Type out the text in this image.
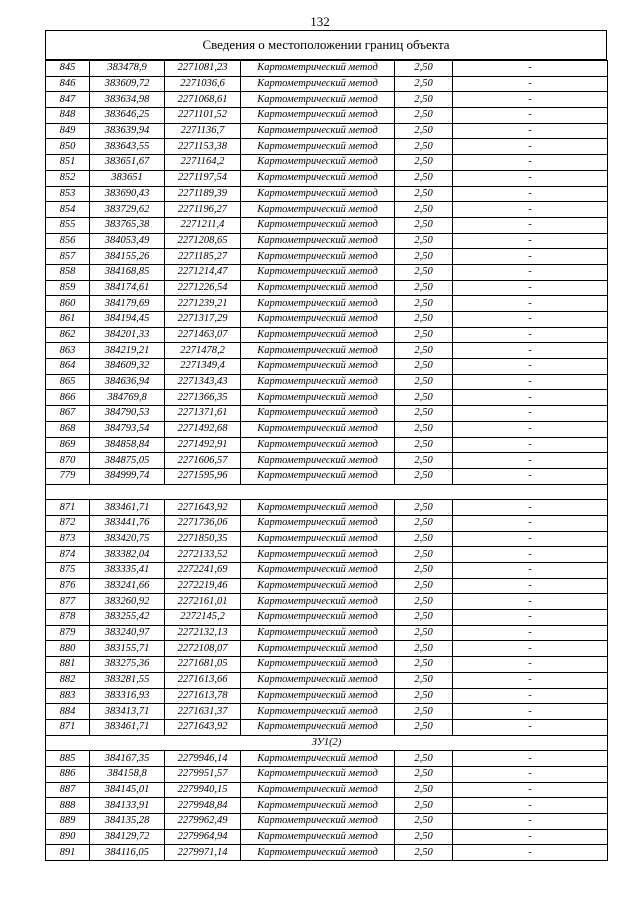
132
Сведения о местоположении границ объекта
845	383478,9	2271081,23	Картометрический метод	2,50	-
846	383609,72	2271036,6	Картометрический метод	2,50	-
847	383634,98	2271068,61	Картометрический метод	2,50	-
848	383646,25	2271101,52	Картометрический метод	2,50	-
849	383639,94	2271136,7	Картометрический метод	2,50	-
850	383643,55	2271153,38	Картометрический метод	2,50	-
851	383651,67	2271164,2	Картометрический метод	2,50	-
852	383651	2271197,54	Картометрический метод	2,50	-
853	383690,43	2271189,39	Картометрический метод	2,50	-
854	383729,62	2271196,27	Картометрический метод	2,50	-
855	383765,38	2271211,4	Картометрический метод	2,50	-
856	384053,49	2271208,65	Картометрический метод	2,50	-
857	384155,26	2271185,27	Картометрический метод	2,50	-
858	384168,85	2271214,47	Картометрический метод	2,50	-
859	384174,61	2271226,54	Картометрический метод	2,50	-
860	384179,69	2271239,21	Картометрический метод	2,50	-
861	384194,45	2271317,29	Картометрический метод	2,50	-
862	384201,33	2271463,07	Картометрический метод	2,50	-
863	384219,21	2271478,2	Картометрический метод	2,50	-
864	384609,32	2271349,4	Картометрический метод	2,50	-
865	384636,94	2271343,43	Картометрический метод	2,50	-
866	384769,8	2271366,35	Картометрический метод	2,50	-
867	384790,53	2271371,61	Картометрический метод	2,50	-
868	384793,54	2271492,68	Картометрический метод	2,50	-
869	384858,84	2271492,91	Картометрический метод	2,50	-
870	384875,05	2271606,57	Картометрический метод	2,50	-
779	384999,74	2271595,96	Картометрический метод	2,50	-

871	383461,71	2271643,92	Картометрический метод	2,50	-
872	383441,76	2271736,06	Картометрический метод	2,50	-
873	383420,75	2271850,35	Картометрический метод	2,50	-
874	383382,04	2272133,52	Картометрический метод	2,50	-
875	383335,41	2272241,69	Картометрический метод	2,50	-
876	383241,66	2272219,46	Картометрический метод	2,50	-
877	383260,92	2272161,01	Картометрический метод	2,50	-
878	383255,42	2272145,2	Картометрический метод	2,50	-
879	383240,97	2272132,13	Картометрический метод	2,50	-
880	383155,71	2272108,07	Картометрический метод	2,50	-
881	383275,36	2271681,05	Картометрический метод	2,50	-
882	383281,55	2271613,66	Картометрический метод	2,50	-
883	383316,93	2271613,78	Картометрический метод	2,50	-
884	383413,71	2271631,37	Картометрический метод	2,50	-
871	383461,71	2271643,92	Картометрический метод	2,50	-
ЗУ1(2)					
885	384167,35	2279946,14	Картометрический метод	2,50	-
886	384158,8	2279951,57	Картометрический метод	2,50	-
887	384145,01	2279940,15	Картометрический метод	2,50	-
888	384133,91	2279948,84	Картометрический метод	2,50	-
889	384135,28	2279962,49	Картометрический метод	2,50	-
890	384129,72	2279964,94	Картометрический метод	2,50	-
891	384116,05	2279971,14	Картометрический метод	2,50	-
